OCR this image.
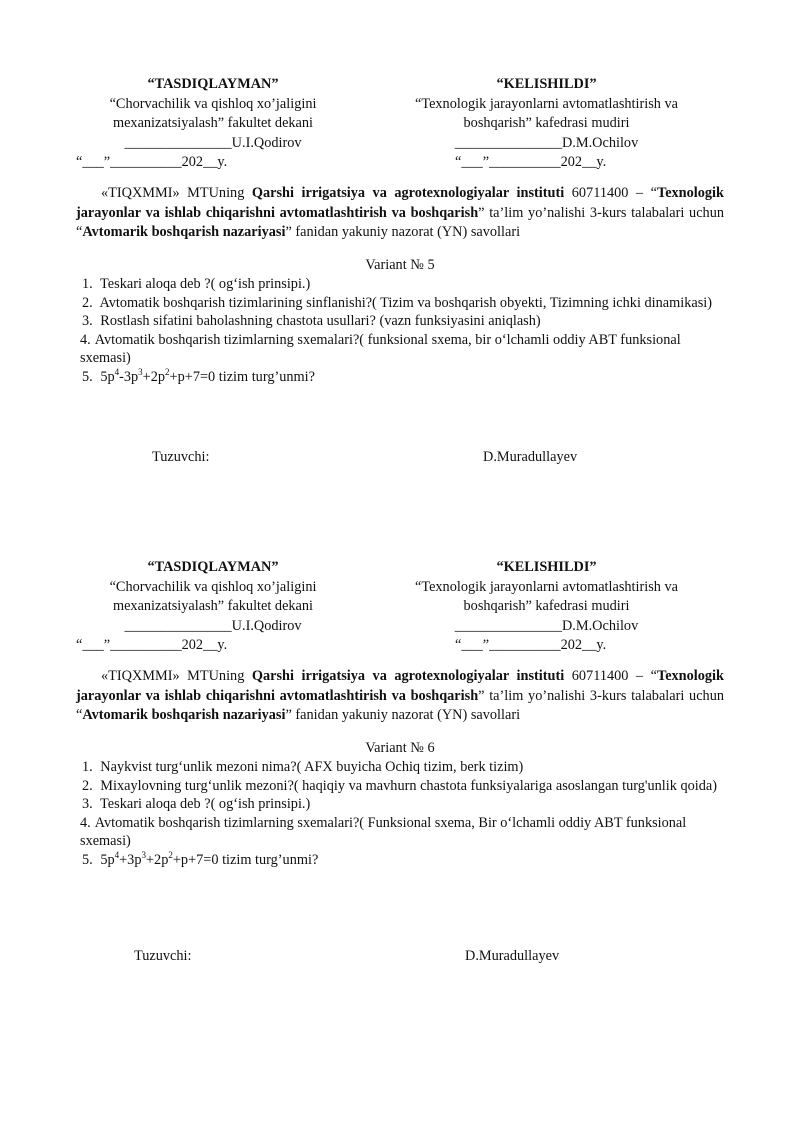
“TASDIQLAYMAN”
“Chorvachilik va qishloq xo’jaligini
mexanizatsiyalash” fakultet dekani
_______________U.I.Qodirov
“___”__________202__y.
“KELISHILDI”
“Texnologik jarayonlarni avtomatlashtirish va
boshqarish” kafedrasi mudiri
_______________D.M.Ochilov
“___”__________202__y.

«TIQXMMI» MTUning Qarshi irrigatsiya va agrotexnologiyalar instituti 60711400 – “Texnologik jarayonlar va ishlab chiqarishni avtomatlashtirish va boshqarish” ta’lim yo’nalishi 3-kurs talabalari uchun “Avtomarik boshqarish nazariyasi” fanidan yakuniy nazorat (YN) savollari

Variant № 5

1. Teskari aloqa deb ?( og‘ish prinsipi.)

2. Avtomatik boshqarish tizimlarining sinflanishi?( Tizim va boshqarish obyekti, Tizimning ichki dinamikasi)

3. Rostlash sifatini baholashning chastota usullari? (vazn funksiyasini aniqlash)

4. Avtomatik boshqarish tizimlarning sxemalari?( funksional sxema, bir o‘lchamli oddiy ABT funksional sxemasi)

5. $5p^4-3p^3+2p^2+p+7=0$ tizim turg’unmi?

Tuzuvchi:	D.Muradullayev
“TASDIQLAYMAN”
“Chorvachilik va qishloq xo’jaligini
mexanizatsiyalash” fakultet dekani
_______________U.I.Qodirov
“___”__________202__y.
“KELISHILDI”
“Texnologik jarayonlarni avtomatlashtirish va
boshqarish” kafedrasi mudiri
_______________D.M.Ochilov
“___”__________202__y.

«TIQXMMI» MTUning Qarshi irrigatsiya va agrotexnologiyalar instituti 60711400 – “Texnologik jarayonlar va ishlab chiqarishni avtomatlashtirish va boshqarish” ta’lim yo’nalishi 3-kurs talabalari uchun “Avtomarik boshqarish nazariyasi” fanidan yakuniy nazorat (YN) savollari

Variant № 6

1. Naykvist turg‘unlik mezoni nima?( AFX buyicha Ochiq tizim, berk tizim)

2. Mixaylovning turg‘unlik mezoni?( haqiqiy va mavhurn chastota funksiyalariga asoslangan turg'unlik qoida)

3. Teskari aloqa deb ?( og‘ish prinsipi.)

4. Avtomatik boshqarish tizimlarning sxemalari?( Funksional sxema, Bir o‘lchamli oddiy ABT funksional sxemasi)

5. $5p^4+3p^3+2p^2+p+7=0$ tizim turg’unmi?

Tuzuvchi:	D.Muradullayev
